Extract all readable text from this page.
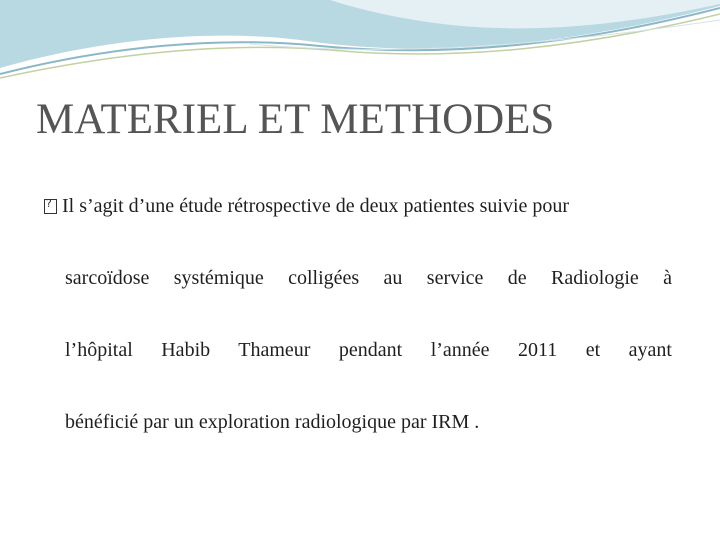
MATERIEL ET METHODES
?
Il s’agit d’une étude rétrospective de deux patientes suivie pour
sarcoïdose systémique colligées au service de Radiologie à
l’hôpital Habib Thameur pendant l’année 2011 et ayant
bénéficié par un exploration radiologique par IRM .
